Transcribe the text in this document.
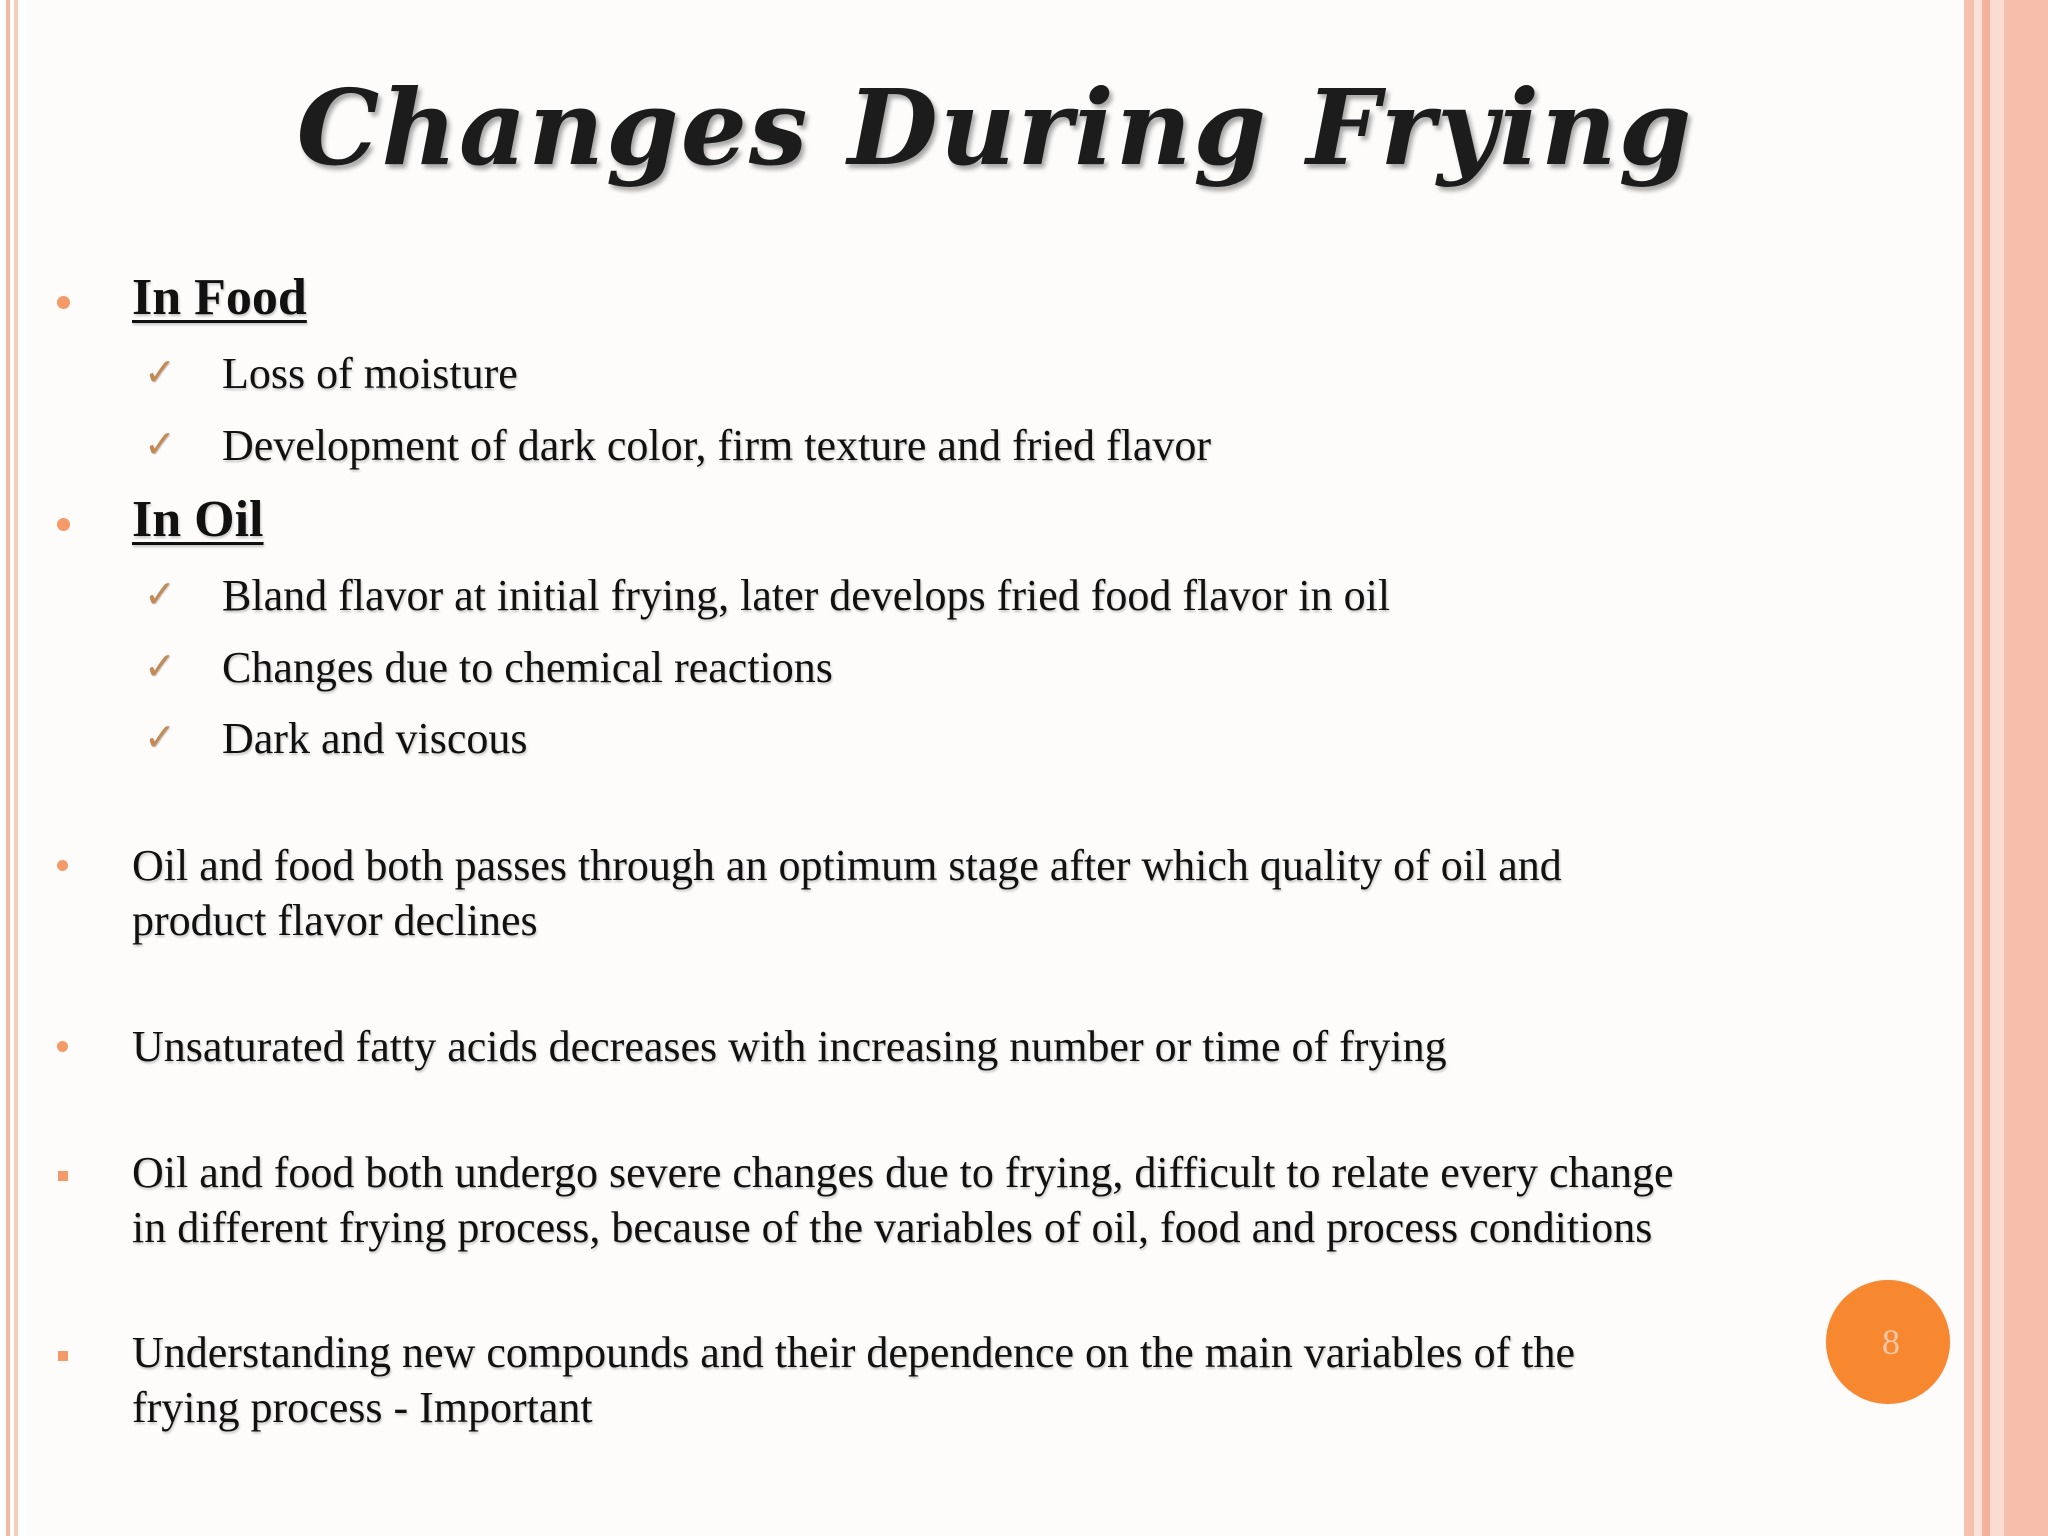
Changes During Frying
In Food
✓ Loss of moisture
✓ Development of dark color, firm texture and fried flavor
In Oil
✓ Bland flavor at initial frying, later develops fried food flavor in oil
✓ Changes due to chemical reactions
✓ Dark and viscous
Oil and food both passes through an optimum stage after which quality of oil and
product flavor declines
Unsaturated fatty acids decreases with increasing number or time of frying
Oil and food both undergo severe changes due to frying, difficult to relate every change
in different frying process, because of the variables of oil, food and process conditions
8
Understanding new compounds and their dependence on the main variables of the
frying process - Important
